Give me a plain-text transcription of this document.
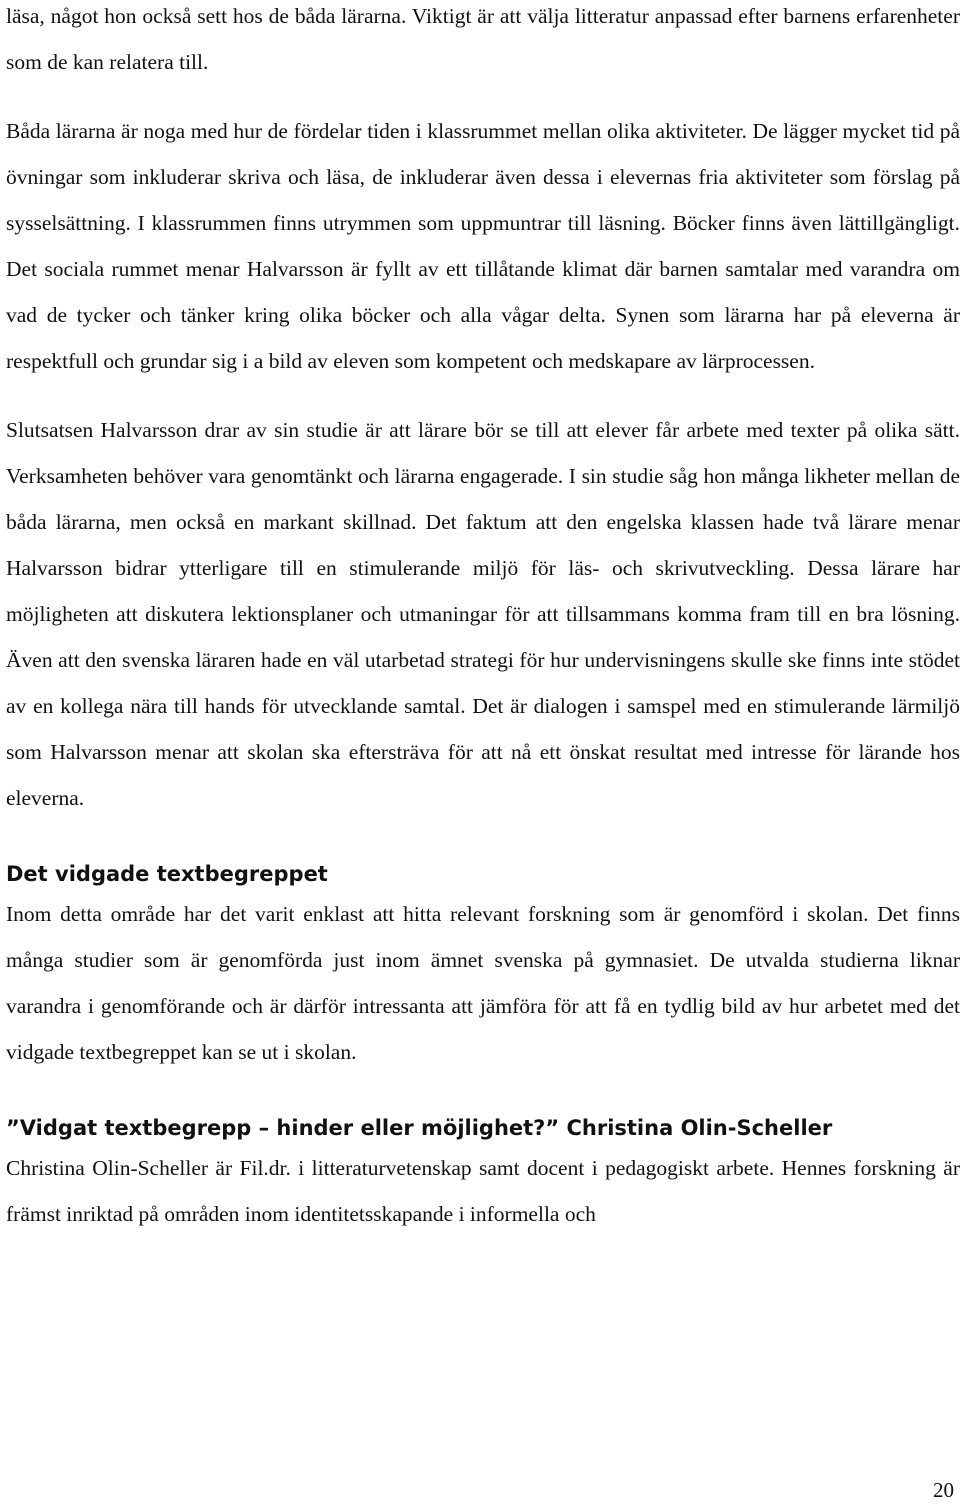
läsa, något hon också sett hos de båda lärarna. Viktigt är att välja litteratur anpassad efter barnens erfarenheter som de kan relatera till.

Båda lärarna är noga med hur de fördelar tiden i klassrummet mellan olika aktiviteter. De lägger mycket tid på övningar som inkluderar skriva och läsa, de inkluderar även dessa i elevernas fria aktiviteter som förslag på sysselsättning. I klassrummen finns utrymmen som uppmuntrar till läsning. Böcker finns även lättillgängligt. Det sociala rummet menar Halvarsson är fyllt av ett tillåtande klimat där barnen samtalar med varandra om vad de tycker och tänker kring olika böcker och alla vågar delta. Synen som lärarna har på eleverna är respektfull och grundar sig i a bild av eleven som kompetent och medskapare av lärprocessen.

Slutsatsen Halvarsson drar av sin studie är att lärare bör se till att elever får arbete med texter på olika sätt. Verksamheten behöver vara genomtänkt och lärarna engagerade. I sin studie såg hon många likheter mellan de båda lärarna, men också en markant skillnad. Det faktum att den engelska klassen hade två lärare menar Halvarsson bidrar ytterligare till en stimulerande miljö för läs- och skrivutveckling. Dessa lärare har möjligheten att diskutera lektionsplaner och utmaningar för att tillsammans komma fram till en bra lösning. Även att den svenska läraren hade en väl utarbetad strategi för hur undervisningens skulle ske finns inte stödet av en kollega nära till hands för utvecklande samtal. Det är dialogen i samspel med en stimulerande lärmiljö som Halvarsson menar att skolan ska eftersträva för att nå ett önskat resultat med intresse för lärande hos eleverna.

Det vidgade textbegreppet

Inom detta område har det varit enklast att hitta relevant forskning som är genomförd i skolan. Det finns många studier som är genomförda just inom ämnet svenska på gymnasiet. De utvalda studierna liknar varandra i genomförande och är därför intressanta att jämföra för att få en tydlig bild av hur arbetet med det vidgade textbegreppet kan se ut i skolan.

”Vidgat textbegrepp – hinder eller möjlighet?” Christina Olin-Scheller

Christina Olin-Scheller är Fil.dr. i litteraturvetenskap samt docent i pedagogiskt arbete. Hennes forskning är främst inriktad på områden inom identitetsskapande i informella och

20
